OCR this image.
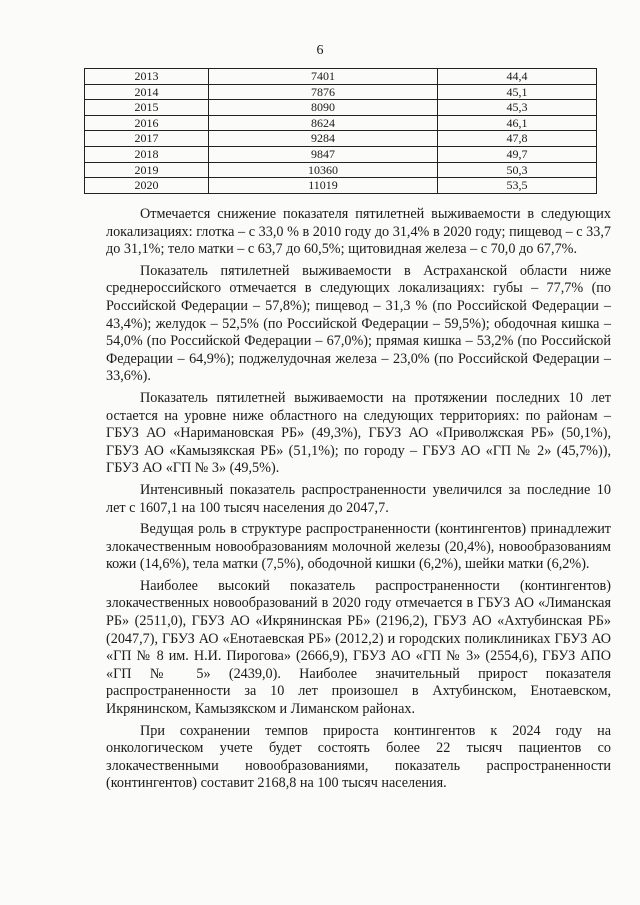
6
2013	7401	44,4
2014	7876	45,1
2015	8090	45,3
2016	8624	46,1
2017	9284	47,8
2018	9847	49,7
2019	10360	50,3
2020	11019	53,5

Отмечается снижение показателя пятилетней выживаемости в следующих локализациях: глотка – с 33,0 % в 2010 году до 31,4% в 2020 году; пищевод – с 33,7 до 31,1%; тело матки – с 63,7 до 60,5%; щитовидная железа – с 70,0 до 67,7%.

Показатель пятилетней выживаемости в Астраханской области ниже среднероссийского отмечается в следующих локализациях: губы – 77,7% (по Российской Федерации – 57,8%); пищевод – 31,3 % (по Российской Федерации – 43,4%); желудок – 52,5% (по Российской Федерации – 59,5%); ободочная кишка – 54,0% (по Российской Федерации – 67,0%); прямая кишка – 53,2% (по Российской Федерации – 64,9%); поджелудочная железа – 23,0% (по Российской Федерации – 33,6%).

Показатель пятилетней выживаемости на протяжении последних 10 лет остается на уровне ниже областного на следующих территориях: по районам – ГБУЗ АО «Наримановская РБ» (49,3%), ГБУЗ АО «Приволжская РБ» (50,1%), ГБУЗ АО «Камызякская РБ» (51,1%); по городу – ГБУЗ АО «ГП № 2» (45,7%)), ГБУЗ АО «ГП № 3» (49,5%).

Интенсивный показатель распространенности увеличился за последние 10 лет с 1607,1 на 100 тысяч населения до 2047,7.

Ведущая роль в структуре распространенности (контингентов) принадлежит злокачественным новообразованиям молочной железы (20,4%), новообразованиям кожи (14,6%), тела матки (7,5%), ободочной кишки (6,2%), шейки матки (6,2%).

Наиболее высокий показатель распространенности (контингентов) злокачественных новообразований в 2020 году отмечается в ГБУЗ АО «Лиманская РБ» (2511,0), ГБУЗ АО «Икрянинская РБ» (2196,2), ГБУЗ АО «Ахтубинская РБ» (2047,7), ГБУЗ АО «Енотаевская РБ» (2012,2) и городских поликлиниках ГБУЗ АО «ГП № 8 им. Н.И. Пирогова» (2666,9), ГБУЗ АО «ГП № 3» (2554,6), ГБУЗ АПО «ГП № 5» (2439,0). Наиболее значительный прирост показателя распространенности за 10 лет произошел в Ахтубинском, Енотаевском, Икрянинском, Камызякском и Лиманском районах.

При сохранении темпов прироста контингентов к 2024 году на онкологическом учете будет состоять более 22 тысяч пациентов со злокачественными новообразованиями, показатель распространенности (контингентов) составит 2168,8 на 100 тысяч населения.
